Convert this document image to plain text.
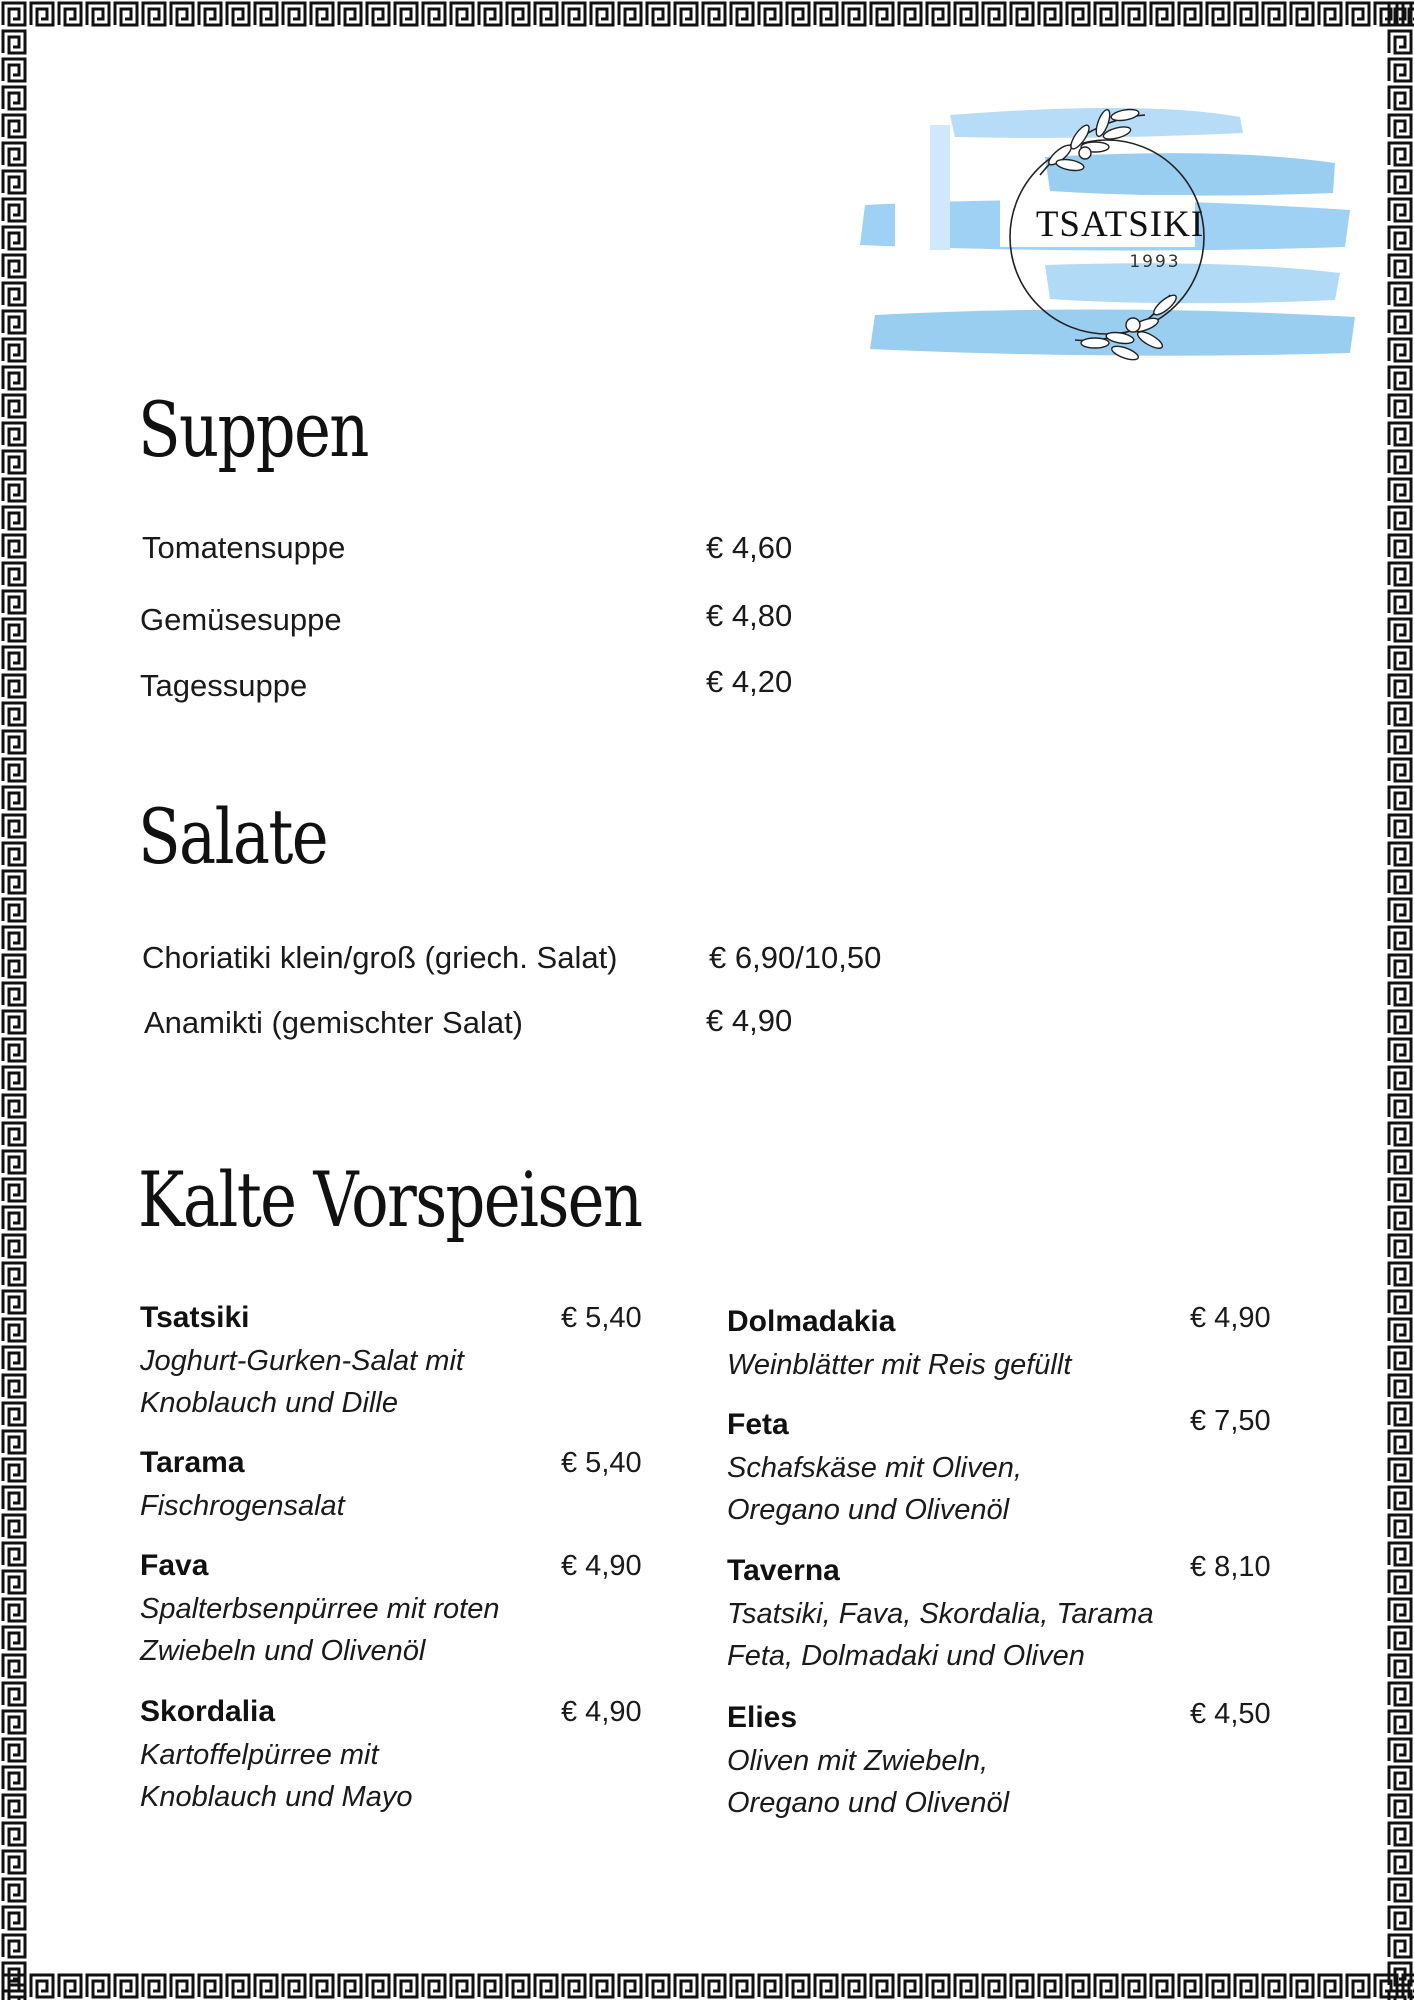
TSATSIKI
1993
Suppen
Tomatensuppe	€ 4,60
Gemüsesuppe	€ 4,80
Tagessuppe	€ 4,20
Salate
Choriatiki klein/groß (griech. Salat)	€ 6,90/10,50
Anamikti (gemischter Salat)	€ 4,90
Kalte Vorspeisen
Tsatsiki	€ 5,40
Joghurt-Gurken-Salat mit
Knoblauch und Dille
Tarama	€ 5,40
Fischrogensalat
Fava	€ 4,90
Spalterbsenpürree mit roten
Zwiebeln und Olivenöl
Skordalia	€ 4,90
Kartoffelpürree mit
Knoblauch und Mayo
Dolmadakia	€ 4,90
Weinblätter mit Reis gefüllt
Feta	€ 7,50
Schafskäse mit Oliven,
Oregano und Olivenöl
Taverna	€ 8,10
Tsatsiki, Fava, Skordalia, Tarama
Feta, Dolmadaki und Oliven
Elies	€ 4,50
Oliven mit Zwiebeln,
Oregano und Olivenöl
